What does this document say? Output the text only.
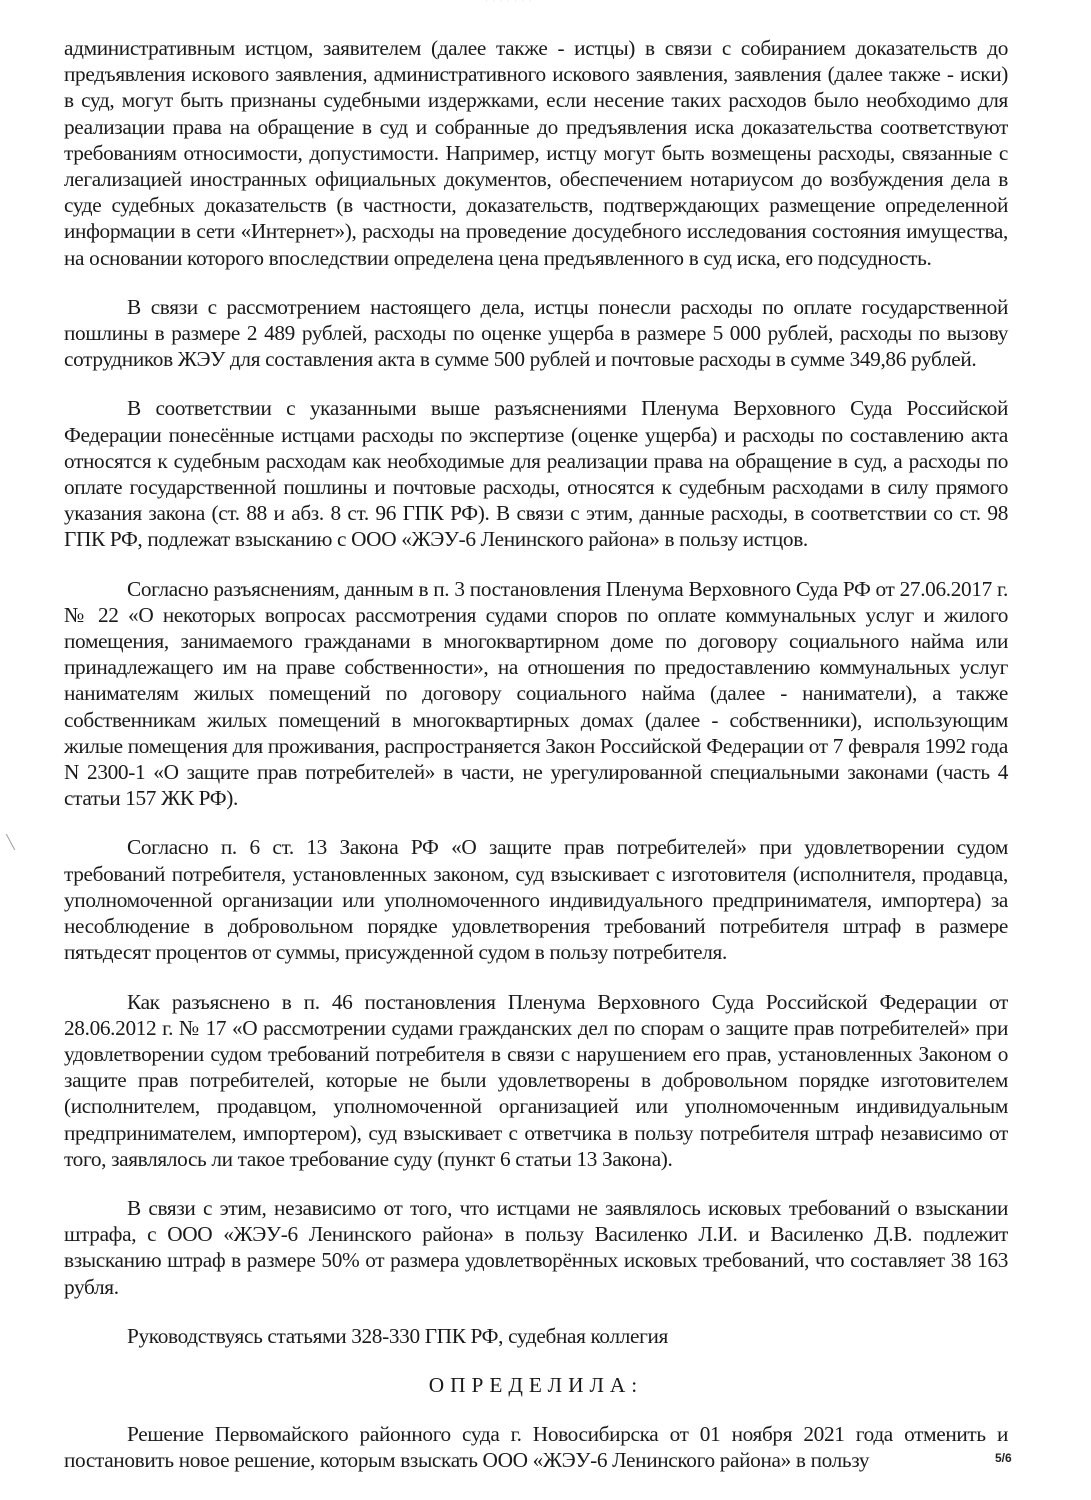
· · · · · · ·

административным истцом, заявителем (далее также - истцы) в связи с собиранием доказательств до предъявления искового заявления, административного искового заявления, заявления (далее также - иски) в суд, могут быть признаны судебными издержками, если несение таких расходов было необходимо для реализации права на обращение в суд и собранные до предъявления иска доказательства соответствуют требованиям относимости, допустимости. Например, истцу могут быть возмещены расходы, связанные с легализацией иностранных официальных документов, обеспечением нотариусом до возбуждения дела в суде судебных доказательств (в частности, доказательств, подтверждающих размещение определенной информации в сети «Интернет»), расходы на проведение досудебного исследования состояния имущества, на основании которого впоследствии определена цена предъявленного в суд иска, его подсудность.

В связи с рассмотрением настоящего дела, истцы понесли расходы по оплате государственной пошлины в размере 2 489 рублей, расходы по оценке ущерба в размере 5 000 рублей, расходы по вызову сотрудников ЖЭУ для составления акта в сумме 500 рублей и почтовые расходы в сумме 349,86 рублей.

В соответствии с указанными выше разъяснениями Пленума Верховного Суда Российской Федерации понесённые истцами расходы по экспертизе (оценке ущерба) и расходы по составлению акта относятся к судебным расходам как необходимые для реализации права на обращение в суд, а расходы по оплате государственной пошлины и почтовые расходы, относятся к судебным расходами в силу прямого указания закона (ст. 88 и абз. 8 ст. 96 ГПК РФ). В связи с этим, данные расходы, в соответствии со ст. 98 ГПК РФ, подлежат взысканию с ООО «ЖЭУ-6 Ленинского района» в пользу истцов.

Согласно разъяснениям, данным в п. 3 постановления Пленума Верховного Суда РФ от 27.06.2017 г. № 22 «О некоторых вопросах рассмотрения судами споров по оплате коммунальных услуг и жилого помещения, занимаемого гражданами в многоквартирном доме по договору социального найма или принадлежащего им на праве собственности», на отношения по предоставлению коммунальных услуг нанимателям жилых помещений по договору социального найма (далее - наниматели), а также собственникам жилых помещений в многоквартирных домах (далее - собственники), использующим жилые помещения для проживания, распространяется Закон Российской Федерации от 7 февраля 1992 года N 2300-1 «О защите прав потребителей» в части, не урегулированной специальными законами (часть 4 статьи 157 ЖК РФ).

Согласно п. 6 ст. 13 Закона РФ «О защите прав потребителей» при удовлетворении судом требований потребителя, установленных законом, суд взыскивает с изготовителя (исполнителя, продавца, уполномоченной организации или уполномоченного индивидуального предпринимателя, импортера) за несоблюдение в добровольном порядке удовлетворения требований потребителя штраф в размере пятьдесят процентов от суммы, присужденной судом в пользу потребителя.

Как разъяснено в п. 46 постановления Пленума Верховного Суда Российской Федерации от 28.06.2012 г. № 17 «О рассмотрении судами гражданских дел по спорам о защите прав потребителей» при удовлетворении судом требований потребителя в связи с нарушением его прав, установленных Законом о защите прав потребителей, которые не были удовлетворены в добровольном порядке изготовителем (исполнителем, продавцом, уполномоченной организацией или уполномоченным индивидуальным предпринимателем, импортером), суд взыскивает с ответчика в пользу потребителя штраф независимо от того, заявлялось ли такое требование суду (пункт 6 статьи 13 Закона).

В связи с этим, независимо от того, что истцами не заявлялось исковых требований о взыскании штрафа, с ООО «ЖЭУ-6 Ленинского района» в пользу Василенко Л.И. и Василенко Д.В. подлежит взысканию штраф в размере 50% от размера удовлетворённых исковых требований, что составляет 38 163 рубля.

Руководствуясь статьями 328-330 ГПК РФ, судебная коллегия

ОПРЕДЕЛИЛА:

Решение Первомайского районного суда г. Новосибирска от 01 ноября 2021 года отменить и постановить новое решение, которым взыскать ООО «ЖЭУ-6 Ленинского района» в пользу	5/6
